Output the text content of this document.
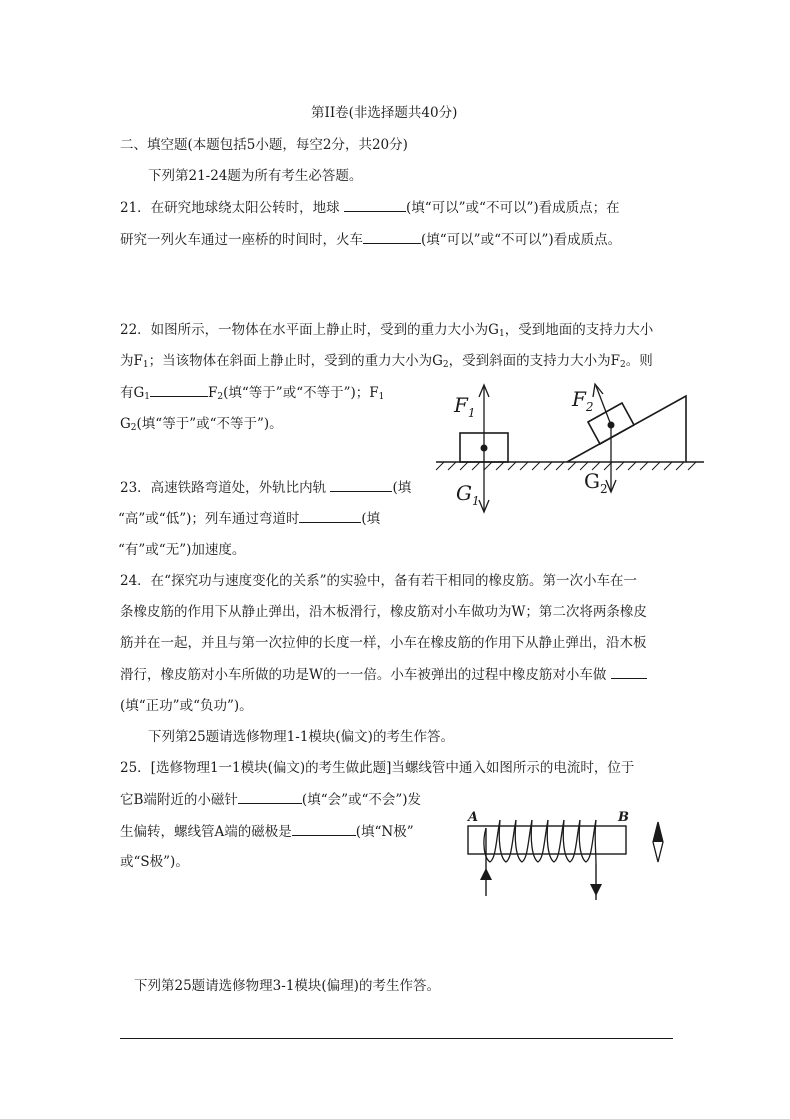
第II卷(非选择题共40分)
二、填空题(本题包括5小题，每空2分，共20分)
下列第21-24题为所有考生必答题。
21．在研究地球绕太阳公转时，地球	(填“可以”或“不可以”)看成质点；在
研究一列火车通过一座桥的时间时，火车	(填“可以”或“不可以”)看成质点。
22．如图所示，一物体在水平面上静止时，受到的重力大小为$G_1$，受到地面的支持力大小
为$F_1$；当该物体在斜面上静止时，受到的重力大小为$G_2$，受到斜面的支持力大小为$F_2$。则
有$G_1$	$F_2$(填“等于”或“不等于”)；$F_1$
$G_2$(填“等于”或“不等于”)。
$F_1$
$G_1$
$F_2$
$G_2$
23．高速铁路弯道处，外轨比内轨	(填
“高”或“低”)；列车通过弯道时	(填
“有”或“无”)加速度。
24．在“探究功与速度变化的关系”的实验中，备有若干相同的橡皮筋。第一次小车在一
条橡皮筋的作用下从静止弹出，沿木板滑行，橡皮筋对小车做功为W；第二次将两条橡皮
筋并在一起，并且与第一次拉伸的长度一样，小车在橡皮筋的作用下从静止弹出，沿木板
滑行，橡皮筋对小车所做的功是W的一一倍。小车被弹出的过程中橡皮筋对小车做
(填“正功”或“负功”)。
下列第25题请选修物理1-1模块(偏文)的考生作答。
25．[选修物理1一1模块(偏文)的考生做此题]当螺线管中通入如图所示的电流时，位于
它B端附近的小磁针	(填“会”或“不会”)发
生偏转，螺线管A端的磁极是	(填“N极”
或“S极”)。
A	B
下列第25题请选修物理3-1模块(偏理)的考生作答。
